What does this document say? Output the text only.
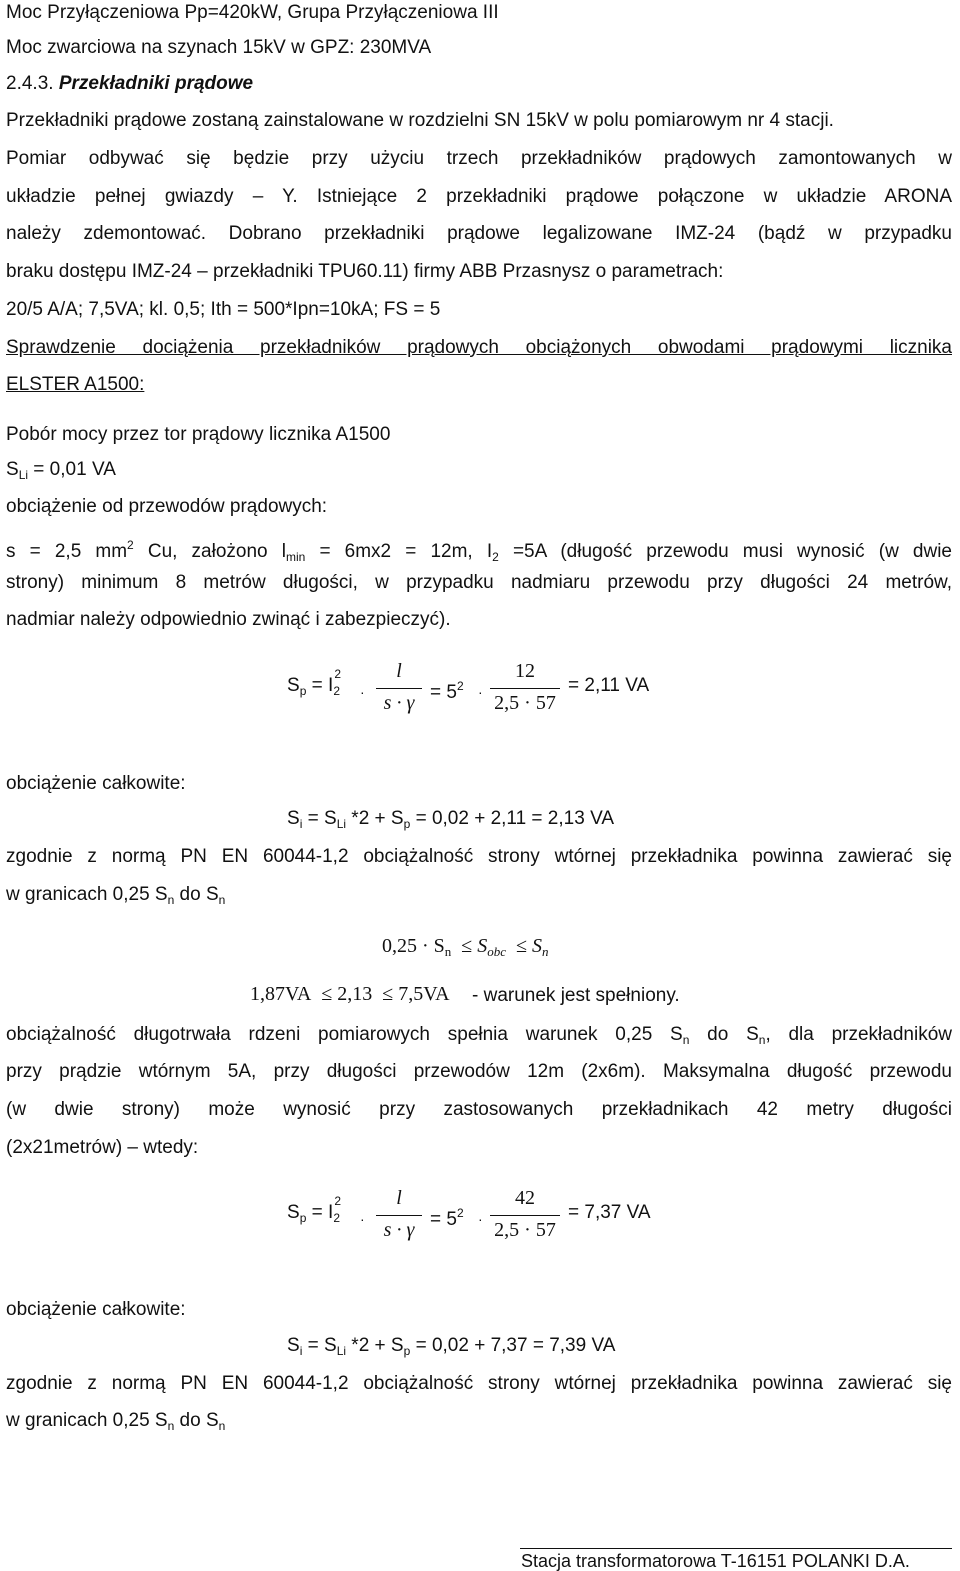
Moc Przyłączeniowa Pp=420kW, Grupa Przyłączeniowa III
Moc zwarciowa na szynach 15kV w GPZ: 230MVA
2.4.3. Przekładniki prądowe
Przekładniki prądowe zostaną zainstalowane w rozdzielni SN 15kV w polu pomiarowym nr 4 stacji.
Pomiar odbywać się będzie przy użyciu trzech przekładników prądowych zamontowanych w
układzie pełnej gwiazdy – Y. Istniejące 2 przekładniki prądowe połączone w układzie ARONA
należy zdemontować. Dobrano przekładniki prądowe legalizowane IMZ-24 (bądź w przypadku
braku dostępu IMZ-24 – przekładniki TPU60.11) firmy ABB Przasnysz o parametrach:
20/5 A/A; 7,5VA; kl. 0,5; Ith = 500*Ipn=10kA; FS = 5
Sprawdzenie dociążenia przekładników prądowych obciążonych obwodami prądowymi licznika
ELSTER A1500:
Pobór mocy przez tor prądowy licznika A1500
$S_{Li} = 0,01$ VA
obciążenie od przewodów prądowych:
s = 2,5 $mm^2$ Cu, założono $l_{min} = 6mx2 = 12m$, $I_2 =5A$ (długość przewodu musi wynosić (w dwie
strony) minimum 8 metrów długości, w przypadku nadmiaru przewodu przy długości 24 metrów,
nadmiar należy odpowiednio zwinąć i zabezpieczyć).
$S_p = I_2$
2
·
l
$s \cdot \gamma = 5^2$ ·
12
2,5 · 57
= 2,11 VA
obciążenie całkowite:
$S_i = S_{Li}$ $*2 + S_p = 0,02 + 2,11 = 2,13$ VA
zgodnie z normą PN EN 60044-1,2 obciążalność strony wtórnej przekładnika powinna zawierać się
w granicach 0,25 $S_n$ do $S_n$
$0,25 \cdot S_n \le S_{obc} \le S_n$
1,87VA ≤ 2,13 ≤ 7,5VA - warunek jest spełniony.
obciążalność długotrwała rdzeni pomiarowych spełnia warunek 0,25 $S_n$ do $S_n$, dla przekładników
przy prądzie wtórnym 5A, przy długości przewodów 12m (2x6m). Maksymalna długość przewodu
(w dwie strony) może wynosić przy zastosowanych przekładnikach 42 metry długości
(2x21metrów) – wtedy:
$S_p = I_2$
2
·
l
$s \cdot \gamma = 5^2$ ·
42
2,5 · 57
= 7,37 VA
obciążenie całkowite:
$S_i = S_{Li}$ $*2 + S_p = 0,02 + 7,37 = 7,39$ VA
zgodnie z normą PN EN 60044-1,2 obciążalność strony wtórnej przekładnika powinna zawierać się
w granicach 0,25 $S_n$ do $S_n$
Stacja transformatorowa T-16151 POLANKI D.A.
